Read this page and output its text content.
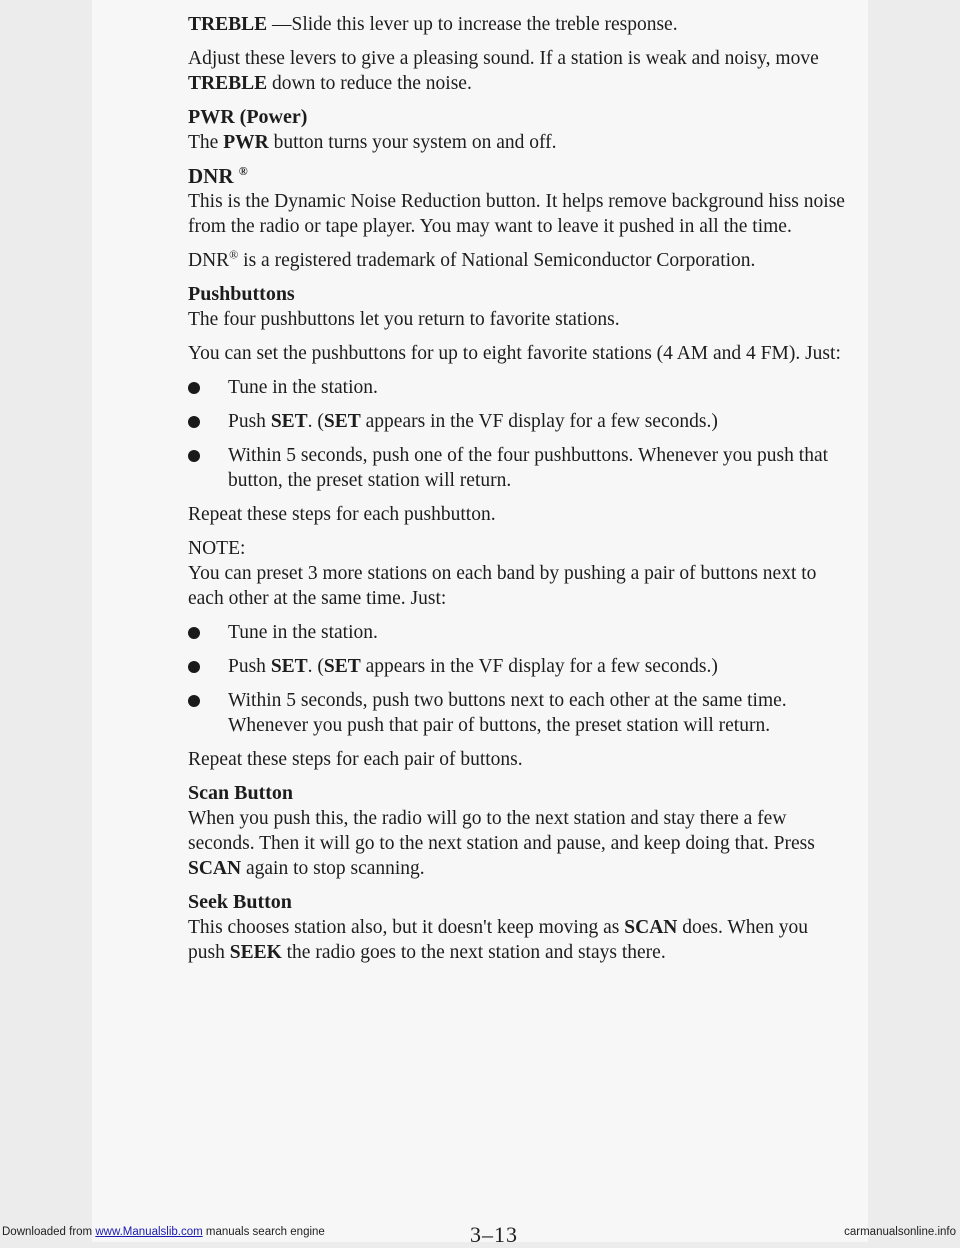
TREBLE —Slide this lever up to increase the treble response.

Adjust these levers to give a pleasing sound. If a station is weak and noisy, move TREBLE down to reduce the noise.

PWR (Power)
The PWR button turns your system on and off.

DNR ®
This is the Dynamic Noise Reduction button. It helps remove background hiss noise from the radio or tape player. You may want to leave it pushed in all the time.

DNR® is a registered trademark of National Semiconductor Corporation.

Pushbuttons
The four pushbuttons let you return to favorite stations.

You can set the pushbuttons for up to eight favorite stations (4 AM and 4 FM). Just:

Tune in the station.
Push SET. (SET appears in the VF display for a few seconds.)
Within 5 seconds, push one of the four pushbuttons. Whenever you push that button, the preset station will return.

Repeat these steps for each pushbutton.

NOTE:
You can preset 3 more stations on each band by pushing a pair of buttons next to each other at the same time. Just:

Tune in the station.
Push SET. (SET appears in the VF display for a few seconds.)
Within 5 seconds, push two buttons next to each other at the same time. Whenever you push that pair of buttons, the preset station will return.

Repeat these steps for each pair of buttons.

Scan Button
When you push this, the radio will go to the next station and stay there a few seconds. Then it will go to the next station and pause, and keep doing that. Press SCAN again to stop scanning.

Seek Button
This chooses station also, but it doesn't keep moving as SCAN does. When you push SEEK the radio goes to the next station and stays there.

3–13
Downloaded from www.Manualslib.com manuals search engine	carmanualsonline.info
